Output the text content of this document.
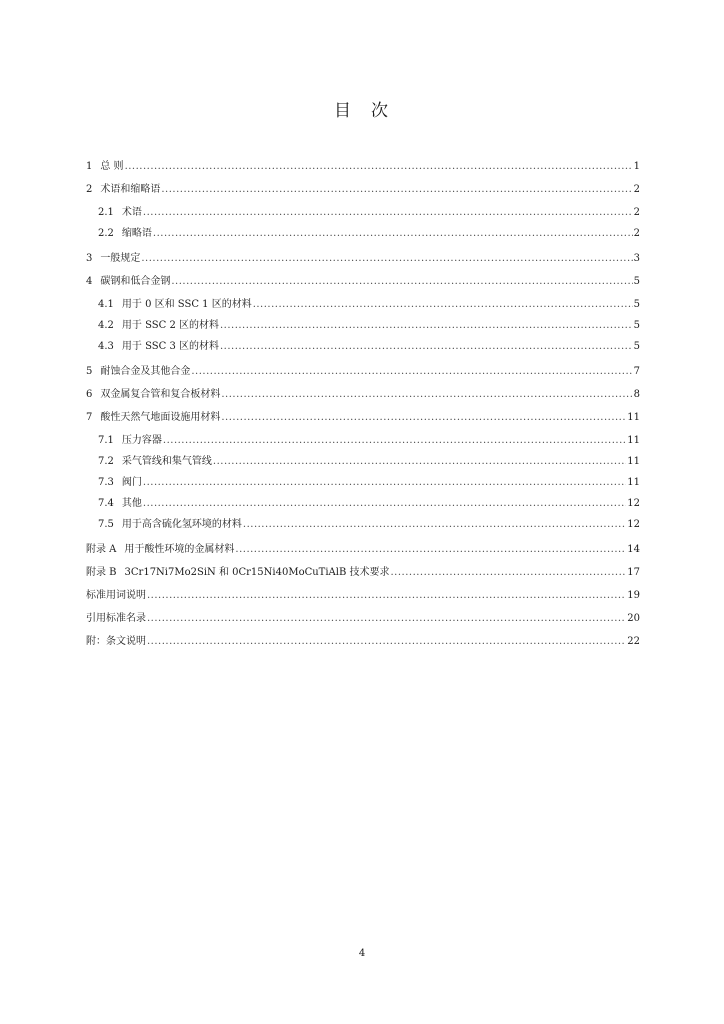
目 次
1 总 则 .....	1
2 术语和缩略语 .....	2
2.1 术语 .....	2
2.2 缩略语 .....	2
3 一般规定 .....	3
4 碳钢和低合金钢 .....	5
4.1 用于 0 区和 SSC 1 区的材料 .....	5
4.2 用于 SSC 2 区的材料 .....	5
4.3 用于 SSC 3 区的材料 .....	5
5 耐蚀合金及其他合金 .....	7
6 双金属复合管和复合板材料 .....	8
7 酸性天然气地面设施用材料 .....	11
7.1 压力容器 .....	11
7.2 采气管线和集气管线 .....	11
7.3 阀门 .....	11
7.4 其他 .....	12
7.5 用于高含硫化氢环境的材料 .....	12
附录 A 用于酸性环境的金属材料 .....	14
附录 B 3Cr17Ni7Mo2SiN 和 0Cr15Ni40MoCuTiAlB 技术要求 .....	17
标准用词说明 .....	19
引用标准名录 .....	20
附：条文说明 .....	22
4
